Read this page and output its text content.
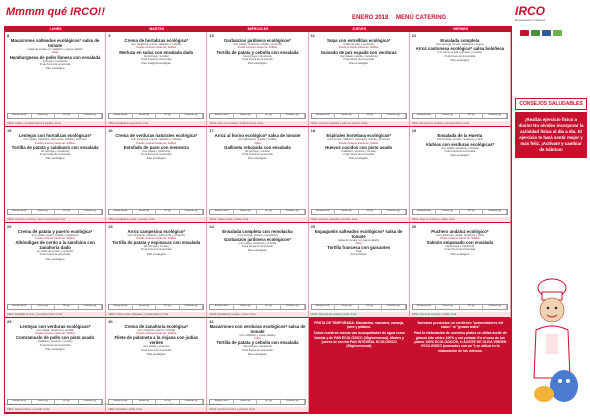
Mmmm qué IRCO!!	ENERO 2018 MENÚ CATERING	IRCO
Restauración colectiva
LUNES	MARTES	MIÉRCOLES	JUEVES	VIERNES
8
Macarrones salteados ecológicos* salsa de tomate
(salsa de tomate con calabacín y queso rallado)
Dieta
Hamburguesa de pollo llanesa con ensalada
(lechuga y zanahoria)
Fruta fresca de temporada
Pan ecológico
Energía (kcal)	Grasas (g)	HC (g)	Proteínas (g)
CENA: Coliflor y pescado blanco al papillote. Fruta
9
Crema de hortalizas ecológica*
(con zanahoria, puerro, calabacín y cebolla)
Puede contener trazas de: Sulfitos
Merluza en salsa con ensalada dado
(de lechuga y tomate)
Fruta fresca de temporada
Pan integral ecológico
Energía (kcal)	Grasas (g)	HC (g)	Proteínas (g)
CENA: Ensalada de legumbres. Fruta
10
Garbanzos jardinera ecológicos*
(con patata, zanahoria, cebolla y pimiento)
Puede contener trazas de: Sulfitos
Tortilla de patata y cebolla con ensalada
(de lechuga y zanahoria)
Fruta fresca de temporada
Pan ecológico
Energía (kcal)	Grasas (g)	HC (g)	Proteínas (g)
CENA: Arroz con verduras y tortilla francesa. Fruta
11
Sopa con estrellitas ecológica*
(caldo de pollo y verduras)
Puede contener trazas de: Sulfitos
Guisado de pez espada con verduras
(con patata, cebolla y zanahoria)
Fruta fresca de temporada
Pan ecológico
Energía (kcal)	Grasas (g)	HC (g)	Proteínas (g)
CENA: Crema de calabaza y pollo a la plancha. Fruta
12
Ensalada completa
(con lechuga, tomate, zanahoria y huevo)
Arroz cantonesa ecológico* salsa boloñesa
(con carne picada, guisantes y tomate)
Fruta fresca de temporada
Pan ecológico
Energía (kcal)	Grasas (g)	HC (g)	Proteínas (g)
CENA: Menestra de verduras y pescado blanco. Fruta
15
Lentejas con hortalizas ecológicas*
(con patata, zanahoria, judía verde, cebolla y pimiento)
Puede contener trazas de: Sulfitos
Tortilla de patata y calabacín con ensalada
(de lechuga y zanahoria)
Fruta fresca de temporada
Pan ecológico
Energía (kcal)	Grasas (g)	HC (g)	Proteínas (g)
CENA: Crema de verduras y huevo a la plancha. Fruta
16
Crema de verduras naturales ecológica*
(con zanahoria, puerro, calabacín y cebolla)
Puede contener trazas de: Sulfitos
Estofado de pavo con menestra
(con patata y zanahoria)
Fruta fresca de temporada
Pan ecológico
Energía (kcal)	Grasas (g)	HC (g)	Proteínas (g)
CENA: Ensalada de pasta y pescado. Fruta
17
Arroz al horno ecológico* salsa de tomate
(con garbanzos, patata y costilla)
Dieta
Gallineta rebozada con ensalada
(de lechuga y tomate)
Fruta fresca de temporada
Pan ecológico
Energía (kcal)	Grasas (g)	HC (g)	Proteínas (g)
CENA: Judías verdes y tortilla. Fruta
18
Espirales hortelana ecológicas*
(con tomate, calabacín, berenjena, cebolla y pimiento)
Puede contener trazas de: Sulfitos
Huevos cocidos con pisto asado
(calabacín, pimiento y tomate)
Fruta fresca de temporada
Pan ecológico
Energía (kcal)	Grasas (g)	HC (g)	Proteínas (g)
CENA: Verduras salteadas y pescado. Fruta
19
Ensalada de la Huerta
(con lechuga, tomate, zanahoria y maíz)
Alubias con verduras ecológicas*
(con patata, zanahoria y cebolla)
Fruta fresca de temporada
Pan ecológico
Energía (kcal)	Grasas (g)	HC (g)	Proteínas (g)
CENA: Sopa de verduras y tortilla. Fruta
22
Crema de patata y puerro ecológica*
(con patata, puerro, cebolla y zanahoria)
Puede contener trazas de: Sulfitos
Albóndigas de cerdo a la samfaina con zanahoria dado
(en salsa de tomate y verduras)
Fruta fresca de temporada
Pan ecológico
Energía (kcal)	Grasas (g)	HC (g)	Proteínas (g)
CENA: Ensalada de arroz y pescado al horno. Fruta
23
Arroz campesina ecológico*
(con zanahoria, calabacín, judía verde y pimiento)
Puede contener trazas de: Sulfitos
Tortilla de patata y espinacas con ensalada
(de lechuga y tomate)
Fruta fresca de temporada
Pan ecológico
Energía (kcal)	Grasas (g)	HC (g)	Proteínas (g)
CENA: Judías verdes salteadas y pescado blanco. Fruta
24
Ensalada completa con remolacha
(con lechuga, tomate y remolacha)
Garbanzos jardinera ecológicos*
(con patata, zanahoria y cebolla)
Fruta fresca de temporada
Pan ecológico
Energía (kcal)	Grasas (g)	HC (g)	Proteínas (g)
CENA: Ensalada de lentejas y huevo. Fruta
25
Espaguetis salteados ecológicos* salsa de tomate
(salsa de tomate con queso rallado)
Dieta
Tortilla francesa con guisantes
Yogur
Pan ecológico
Energía (kcal)	Grasas (g)	HC (g)	Proteínas (g)
CENA: Menestra de verduras y pollo. Fruta
26
Puchero andaluz ecológico*
(con garbanzos, patata, zanahoria y pollo)
Puede contener trazas de: Sulfitos
Salmón empanado con ensalada
(de lechuga y zanahoria)
Fruta fresca de temporada
Pan ecológico
Energía (kcal)	Grasas (g)	HC (g)	Proteínas (g)
CENA: Crema de verduras y tortilla. Fruta
29
Lentejas con verduras ecológicas*
(con patata, zanahoria y cebolla)
Puede contener trazas de: Sulfitos
Contramuslo de pollo con pisto asado
(calabacín, pimiento y tomate)
Fruta fresca de temporada
Pan ecológico
Energía (kcal)	Grasas (g)	HC (g)	Proteínas (g)
CENA: Sopa de fideos y pescado. Fruta
30
Crema de zanahoria ecológica*
(con zanahoria, puerro y cebolla)
Puede contener trazas de: Sulfitos
Filete de palometa a la riojana con judías verdes
(con patata y pimiento)
Fruta fresca de temporada
Pan ecológico
Energía (kcal)	Grasas (g)	HC (g)	Proteínas (g)
CENA: Ensalada y tortilla. Fruta
31
Macarrones con verduras ecológicos* salsa de tomate
(con calabacín y queso rallado)
Dieta
Tortilla de patata y cebolla con ensalada
(de lechuga y zanahoria)
Fruta fresca de temporada
Pan ecológico
Energía (kcal)	Grasas (g)	HC (g)	Proteínas (g)
CENA: Verduras al horno y pescado. Fruta

FRUTA DE TEMPORADA: Mandarina, manzana, naranja, pera y plátano.

Todos nuestros menús van acompañados de agua como bebida y de PAN ECOLÓGICO (30g/comensal). Martes y jueves se servirá PAN INTEGRAL ECOLÓGICO (30g/comensal).

Nuestros productos no contienen "potenciadores del sabor" ni "grasas trans"

Para la elaboración de nuestros platos se utiliza aceite de girasol alto oleico 100% y sal yodada. En el caso de los platos 100% ECOLÓGICOS, el ACEITE DE OLIVA VIRGEN ECOLÓGICO (marcados con un *) se utiliza en la elaboración de los mismos.

CONSEJOS SALUDABLES
¡Realiza ejercicio físico a diario! No olvides incorporar la actividad física al día a día. El ejercicio te hará sentir mejor y más feliz. ¡Actívate y cambiar de hábitos!
Consulte las fichas con el contenido nutricional y alérgenos de cada plato a su disposición en el centro. Menú elaborado por nutricionistas del departamento de calidad de IRCO. La información nutricional se calcula por ración.
